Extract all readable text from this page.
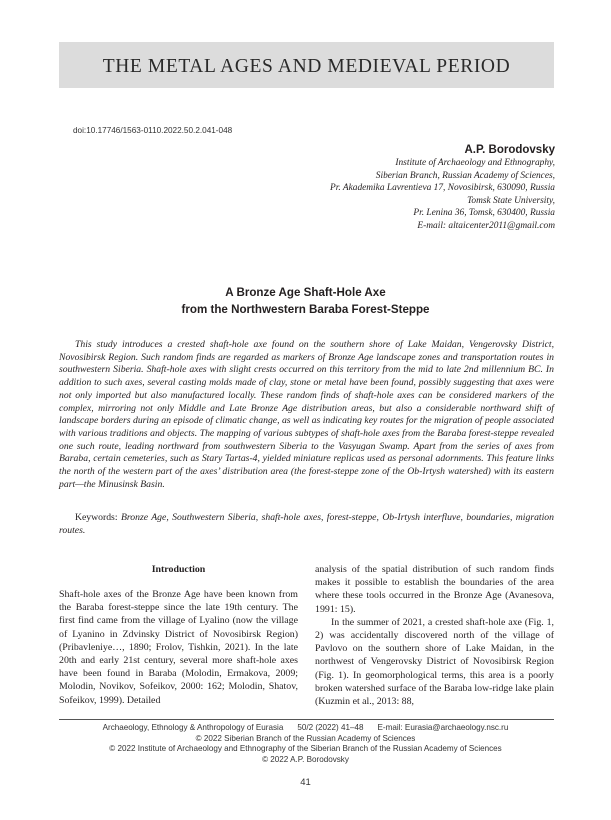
THE METAL AGES AND MEDIEVAL PERIOD
doi:10.17746/1563-0110.2022.50.2.041-048
A.P. Borodovsky
Institute of Archaeology and Ethnography,
Siberian Branch, Russian Academy of Sciences,
Pr. Akademika Lavrentieva 17, Novosibirsk, 630090, Russia
Tomsk State University,
Pr. Lenina 36, Tomsk, 630400, Russia
E-mail: altaicenter2011@gmail.com
A Bronze Age Shaft-Hole Axe
from the Northwestern Baraba Forest-Steppe

This study introduces a crested shaft-hole axe found on the southern shore of Lake Maidan, Vengerovsky District, Novosibirsk Region. Such random finds are regarded as markers of Bronze Age landscape zones and transportation routes in southwestern Siberia. Shaft-hole axes with slight crests occurred on this territory from the mid to late 2nd millennium BC. In addition to such axes, several casting molds made of clay, stone or metal have been found, possibly suggesting that axes were not only imported but also manufactured locally. These random finds of shaft-hole axes can be considered markers of the complex, mirroring not only Middle and Late Bronze Age distribution areas, but also a considerable northward shift of landscape borders during an episode of climatic change, as well as indicating key routes for the migration of people associated with various traditions and objects. The mapping of various subtypes of shaft-hole axes from the Baraba forest-steppe revealed one such route, leading northward from southwestern Siberia to the Vasyugan Swamp. Apart from the series of axes from Baraba, certain cemeteries, such as Stary Tartas-4, yielded miniature replicas used as personal adornments. This feature links the north of the western part of the axes’ distribution area (the forest-steppe zone of the Ob-Irtysh watershed) with its eastern part—the Minusinsk Basin.

Keywords: Bronze Age, Southwestern Siberia, shaft-hole axes, forest-steppe, Ob-Irtysh interfluve, boundaries, migration routes.

Introduction

Shaft-hole axes of the Bronze Age have been known from the Baraba forest-steppe since the late 19th century. The first find came from the village of Lyalino (now the village of Lyanino in Zdvinsky District of Novosibirsk Region) (Pribavleniye…, 1890; Frolov, Tishkin, 2021). In the late 20th and early 21st century, several more shaft-hole axes have been found in Baraba (Molodin, Ermakova, 2009; Molodin, Novikov, Sofeikov, 2000: 162; Molodin, Shatov, Sofeikov, 1999). Detailed

analysis of the spatial distribution of such random finds makes it possible to establish the boundaries of the area where these tools occurred in the Bronze Age (Avanesova, 1991: 15).

In the summer of 2021, a crested shaft-hole axe (Fig. 1, 2) was accidentally discovered north of the village of Pavlovo on the southern shore of Lake Maidan, in the northwest of Vengerovsky District of Novosibirsk Region (Fig. 1). In geomorphological terms, this area is a poorly broken watershed surface of the Baraba low-ridge lake plain (Kuzmin et al., 2013: 88,

Archaeology, Ethnology & Anthropology of Eurasia 50/2 (2022) 41–48 E-mail: Eurasia@archaeology.nsc.ru
© 2022 Siberian Branch of the Russian Academy of Sciences
© 2022 Institute of Archaeology and Ethnography of the Siberian Branch of the Russian Academy of Sciences
© 2022 A.P. Borodovsky
41
